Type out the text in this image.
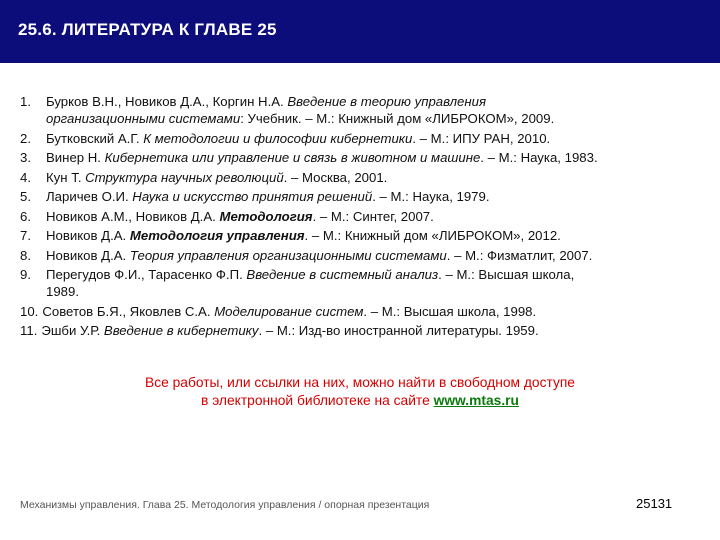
25.6. ЛИТЕРАТУРА К ГЛАВЕ 25
1. Бурков В.Н., Новиков Д.А., Коргин Н.А. Введение в теорию управления
организационными системами: Учебник. – М.: Книжный дом «ЛИБРОКОМ», 2009.
2. Бутковский А.Г. К методологии и философии кибернетики. – М.: ИПУ РАН, 2010.
3. Винер Н. Кибернетика или управление и связь в животном и машине. – М.: Наука, 1983.
4. Кун Т. Структура научных революций. – Москва, 2001.
5. Ларичев О.И. Наука и искусство принятия решений. – М.: Наука, 1979.
6. Новиков А.М., Новиков Д.А. Методология. – М.: Синтег, 2007.
7. Новиков Д.А. Методология управления. – М.: Книжный дом «ЛИБРОКОМ», 2012.
8. Новиков Д.А. Теория управления организационными системами. – М.: Физматлит, 2007.
9. Перегудов Ф.И., Тарасенко Ф.П. Введение в системный анализ. – М.: Высшая школа,
1989.
10. Советов Б.Я., Яковлев С.А. Моделирование систем. – М.: Высшая школа, 1998.
11. Эшби У.Р. Введение в кибернетику. – М.: Изд-во иностранной литературы. 1959.
Все работы, или ссылки на них, можно найти в свободном доступе
в электронной библиотеке на сайте www.mtas.ru
Механизмы управления. Глава 25. Методология управления / опорная презентация	25131
